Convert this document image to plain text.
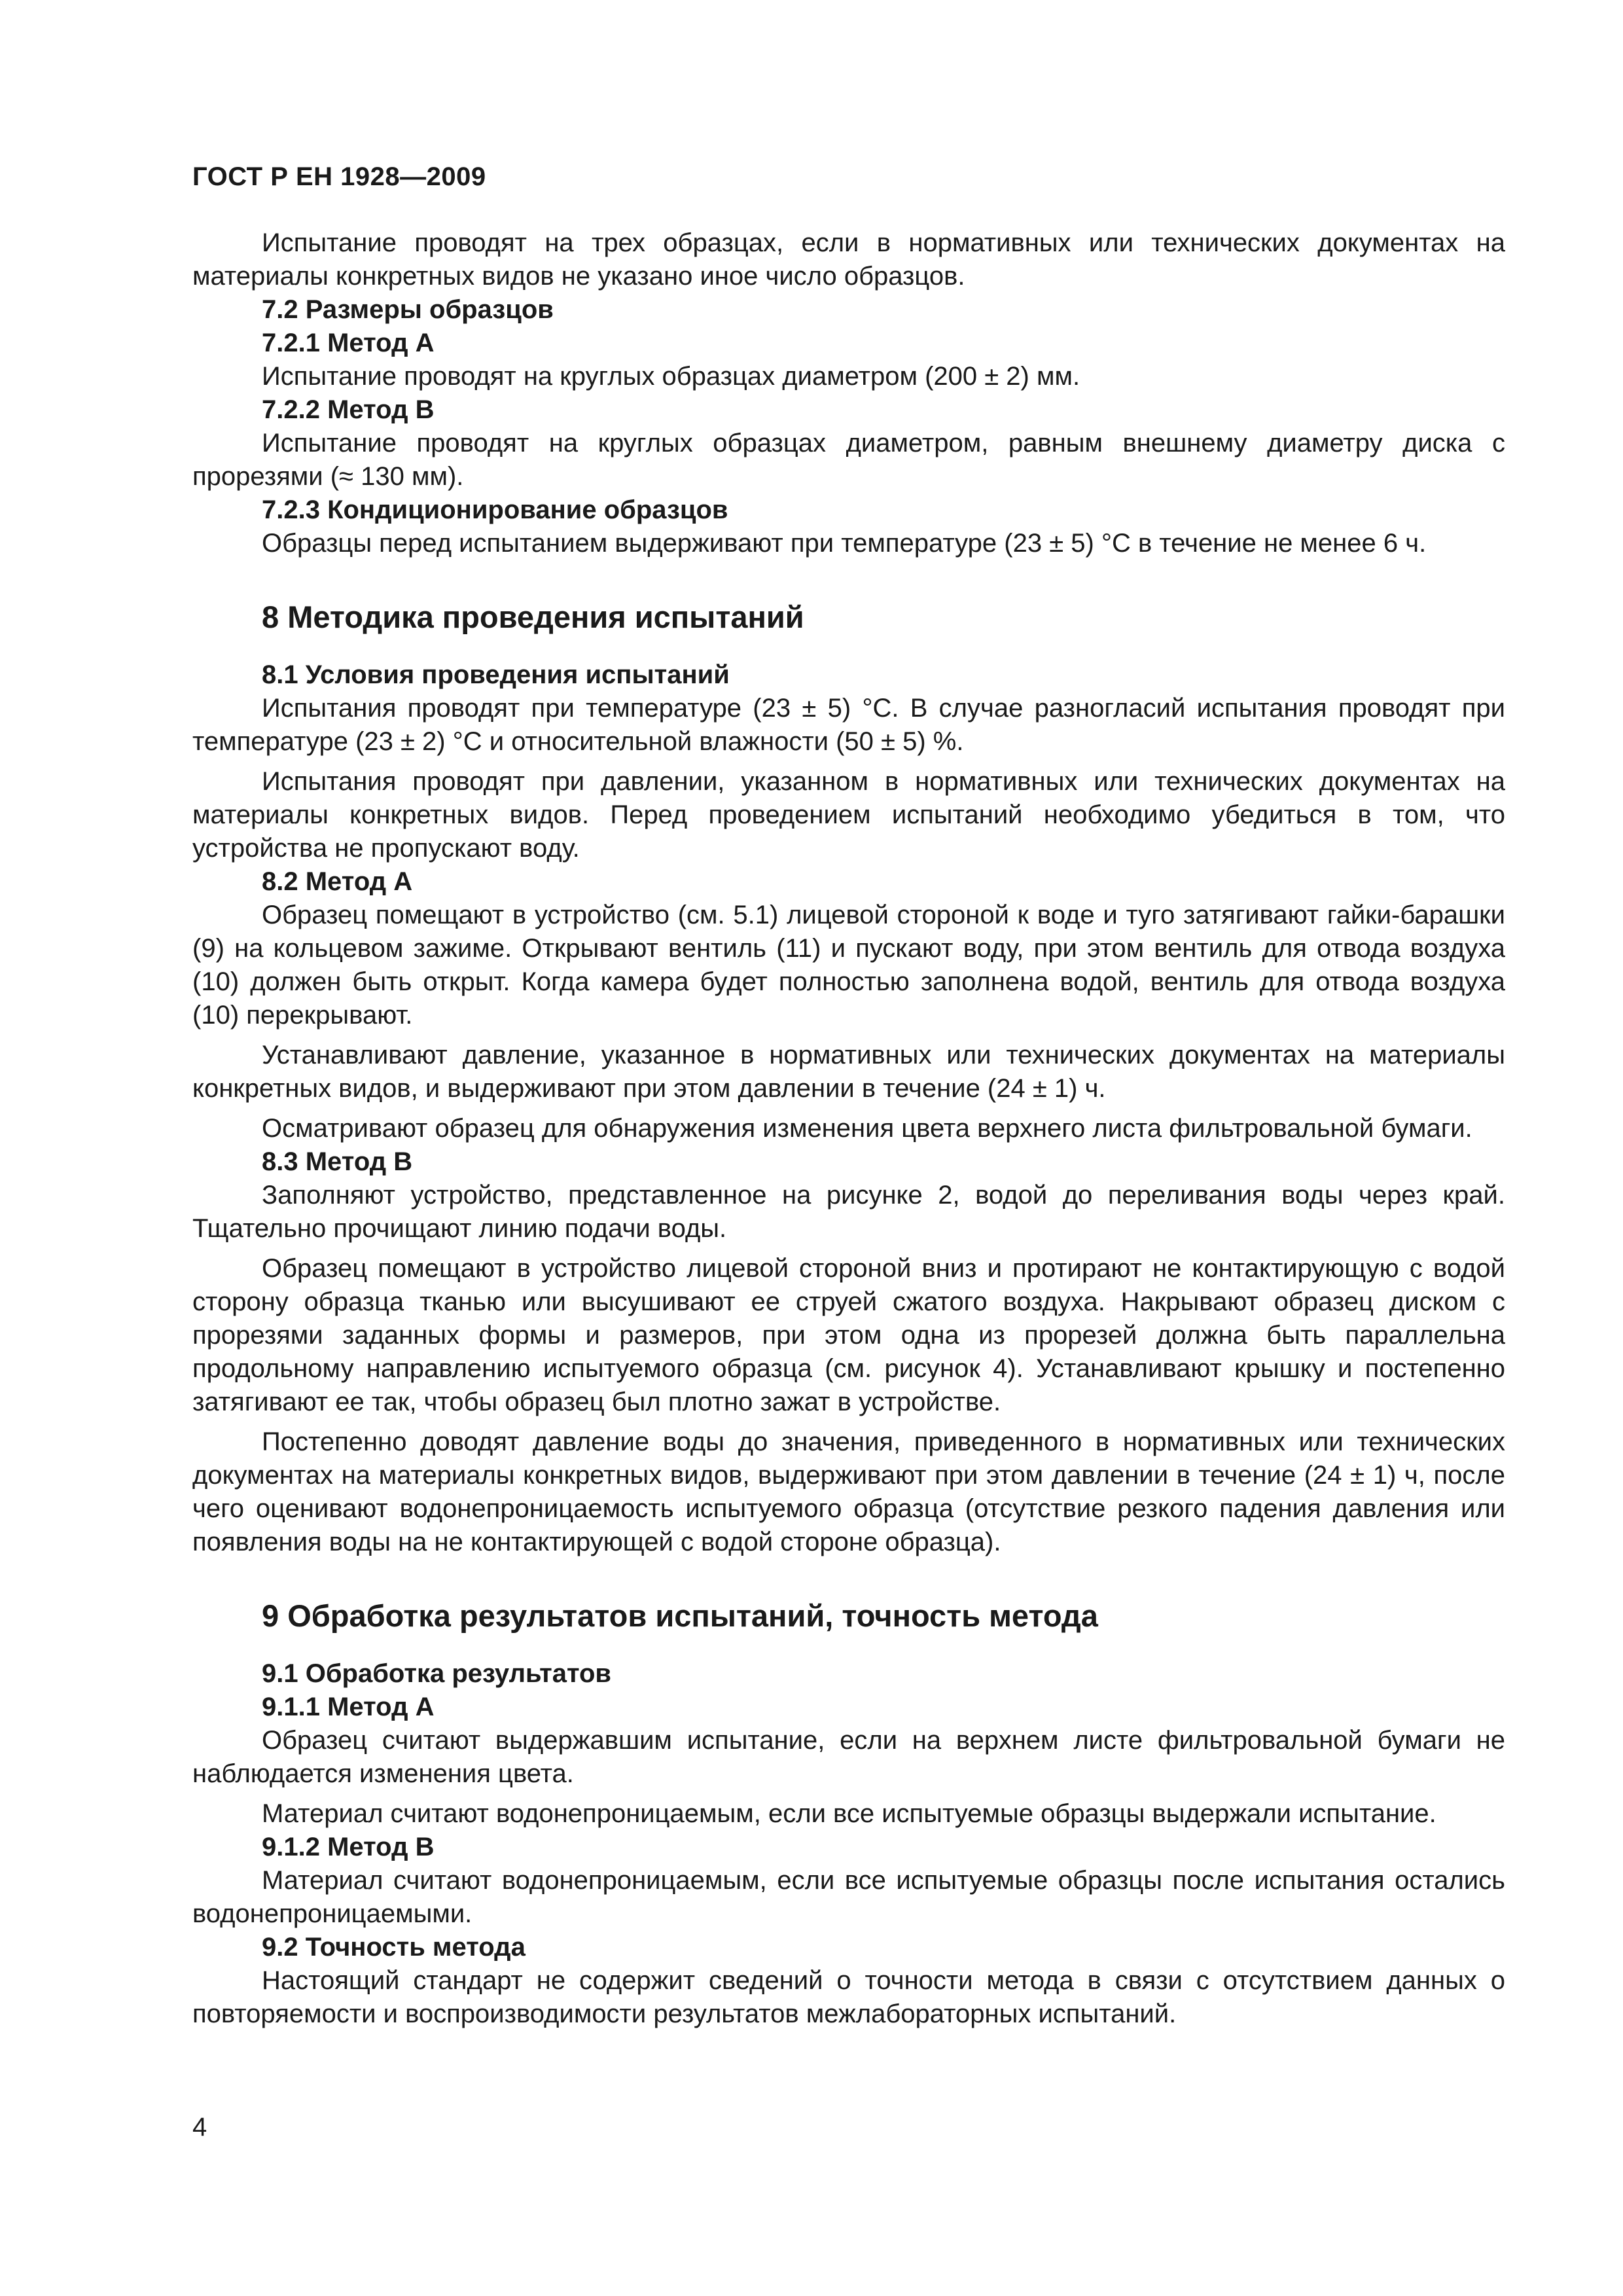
ГОСТ Р ЕН 1928—2009
Испытание проводят на трех образцах, если в нормативных или технических документах на материалы конкретных видов не указано иное число образцов.
7.2 Размеры образцов
7.2.1 Метод А
Испытание проводят на круглых образцах диаметром (200 ± 2) мм.
7.2.2 Метод В
Испытание проводят на круглых образцах диаметром, равным внешнему диаметру диска с прорезями (≈ 130 мм).
7.2.3 Кондиционирование образцов
Образцы перед испытанием выдерживают при температуре (23 ± 5) °С в течение не менее 6 ч.
8 Методика проведения испытаний
8.1 Условия проведения испытаний
Испытания проводят при температуре (23 ± 5) °С. В случае разногласий испытания проводят при температуре (23 ± 2) °С и относительной влажности (50 ± 5) %.
Испытания проводят при давлении, указанном в нормативных или технических документах на материалы конкретных видов. Перед проведением испытаний необходимо убедиться в том, что устройства не пропускают воду.
8.2 Метод А
Образец помещают в устройство (см. 5.1) лицевой стороной к воде и туго затягивают гайки-барашки (9) на кольцевом зажиме. Открывают вентиль (11) и пускают воду, при этом вентиль для отвода воздуха (10) должен быть открыт. Когда камера будет полностью заполнена водой, вентиль для отвода воздуха (10) перекрывают.
Устанавливают давление, указанное в нормативных или технических документах на материалы конкретных видов, и выдерживают при этом давлении в течение (24 ± 1) ч.
Осматривают образец для обнаружения изменения цвета верхнего листа фильтровальной бумаги.
8.3 Метод В
Заполняют устройство, представленное на рисунке 2, водой до переливания воды через край. Тщательно прочищают линию подачи воды.
Образец помещают в устройство лицевой стороной вниз и протирают не контактирующую с водой сторону образца тканью или высушивают ее струей сжатого воздуха. Накрывают образец диском с прорезями заданных формы и размеров, при этом одна из прорезей должна быть параллельна продольному направлению испытуемого образца (см. рисунок 4). Устанавливают крышку и постепенно затягивают ее так, чтобы образец был плотно зажат в устройстве.
Постепенно доводят давление воды до значения, приведенного в нормативных или технических документах на материалы конкретных видов, выдерживают при этом давлении в течение (24 ± 1) ч, после чего оценивают водонепроницаемость испытуемого образца (отсутствие резкого падения давления или появления воды на не контактирующей с водой стороне образца).
9 Обработка результатов испытаний, точность метода
9.1 Обработка результатов
9.1.1 Метод А
Образец считают выдержавшим испытание, если на верхнем листе фильтровальной бумаги не наблюдается изменения цвета.
Материал считают водонепроницаемым, если все испытуемые образцы выдержали испытание.
9.1.2 Метод В
Материал считают водонепроницаемым, если все испытуемые образцы после испытания остались водонепроницаемыми.
9.2 Точность метода
Настоящий стандарт не содержит сведений о точности метода в связи с отсутствием данных о повторяемости и воспроизводимости результатов межлабораторных испытаний.
4
